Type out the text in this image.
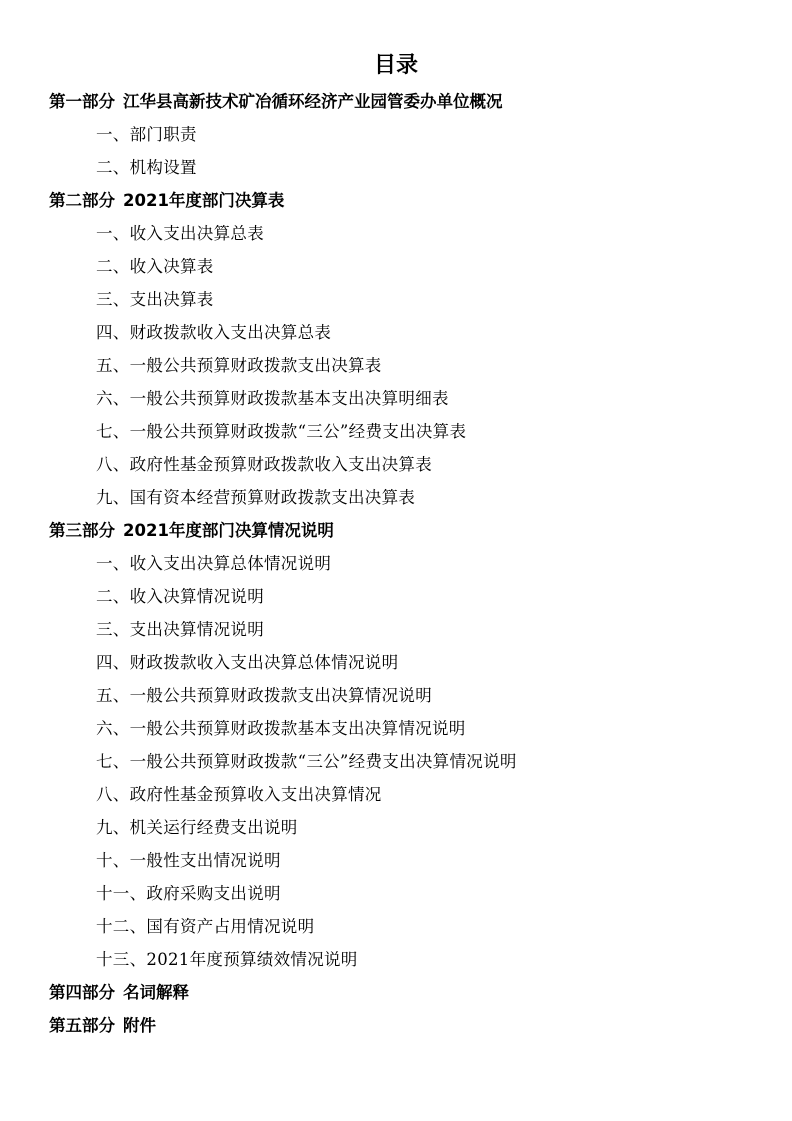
目录
第一部分 江华县高新技术矿冶循环经济产业园管委办单位概况
一、部门职责
二、机构设置
第二部分 2021年度部门决算表
一、收入支出决算总表
二、收入决算表
三、支出决算表
四、财政拨款收入支出决算总表
五、一般公共预算财政拨款支出决算表
六、一般公共预算财政拨款基本支出决算明细表
七、一般公共预算财政拨款“三公”经费支出决算表
八、政府性基金预算财政拨款收入支出决算表
九、国有资本经营预算财政拨款支出决算表
第三部分 2021年度部门决算情况说明
一、收入支出决算总体情况说明
二、收入决算情况说明
三、支出决算情况说明
四、财政拨款收入支出决算总体情况说明
五、一般公共预算财政拨款支出决算情况说明
六、一般公共预算财政拨款基本支出决算情况说明
七、一般公共预算财政拨款“三公”经费支出决算情况说明
八、政府性基金预算收入支出决算情况
九、机关运行经费支出说明
十、一般性支出情况说明
十一、政府采购支出说明
十二、国有资产占用情况说明
十三、2021年度预算绩效情况说明
第四部分 名词解释
第五部分 附件
